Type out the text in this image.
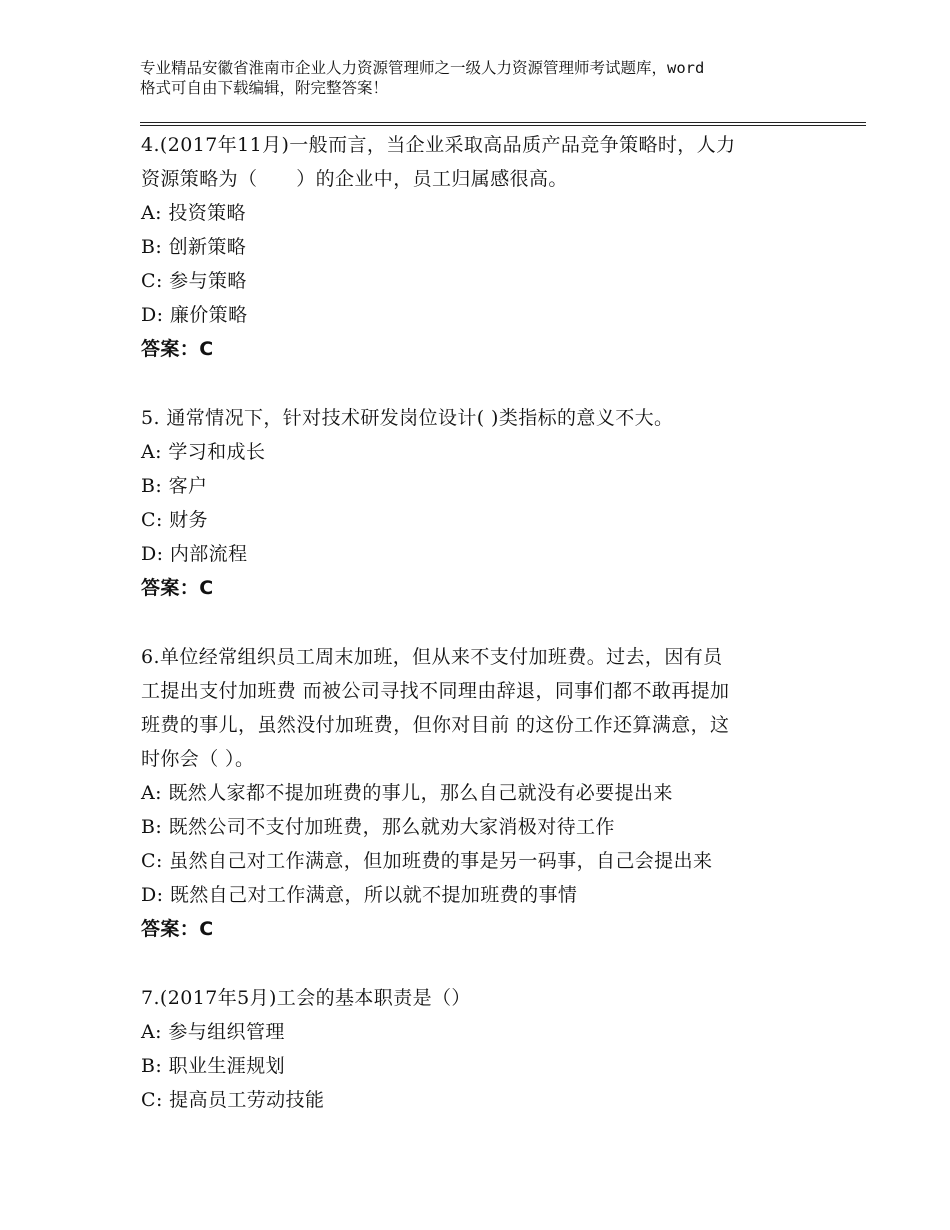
专业精品安徽省淮南市企业人力资源管理师之一级人力资源管理师考试题库，word
格式可自由下载编辑，附完整答案！
4.(2017年11月)一般而言，当企业采取高品质产品竞争策略时，人力
资源策略为（　　）的企业中，员工归属感很高。
A: 投资策略
B: 创新策略
C: 参与策略
D: 廉价策略
答案：C
5. 通常情况下，针对技术研发岗位设计( )类指标的意义不大。
A: 学习和成长
B: 客户
C: 财务
D: 内部流程
答案：C
6.单位经常组织员工周末加班，但从来不支付加班费。过去，因有员
工提出支付加班费 而被公司寻找不同理由辞退，同事们都不敢再提加
班费的事儿，虽然没付加班费，但你对目前 的这份工作还算满意，这
时你会（ ）。
A: 既然人家都不提加班费的事儿，那么自己就没有必要提出来
B: 既然公司不支付加班费，那么就劝大家消极对待工作
C: 虽然自己对工作满意，但加班费的事是另一码事，自己会提出来
D: 既然自己对工作满意，所以就不提加班费的事情
答案：C
7.(2017年5月)工会的基本职责是（）
A: 参与组织管理
B: 职业生涯规划
C: 提高员工劳动技能
